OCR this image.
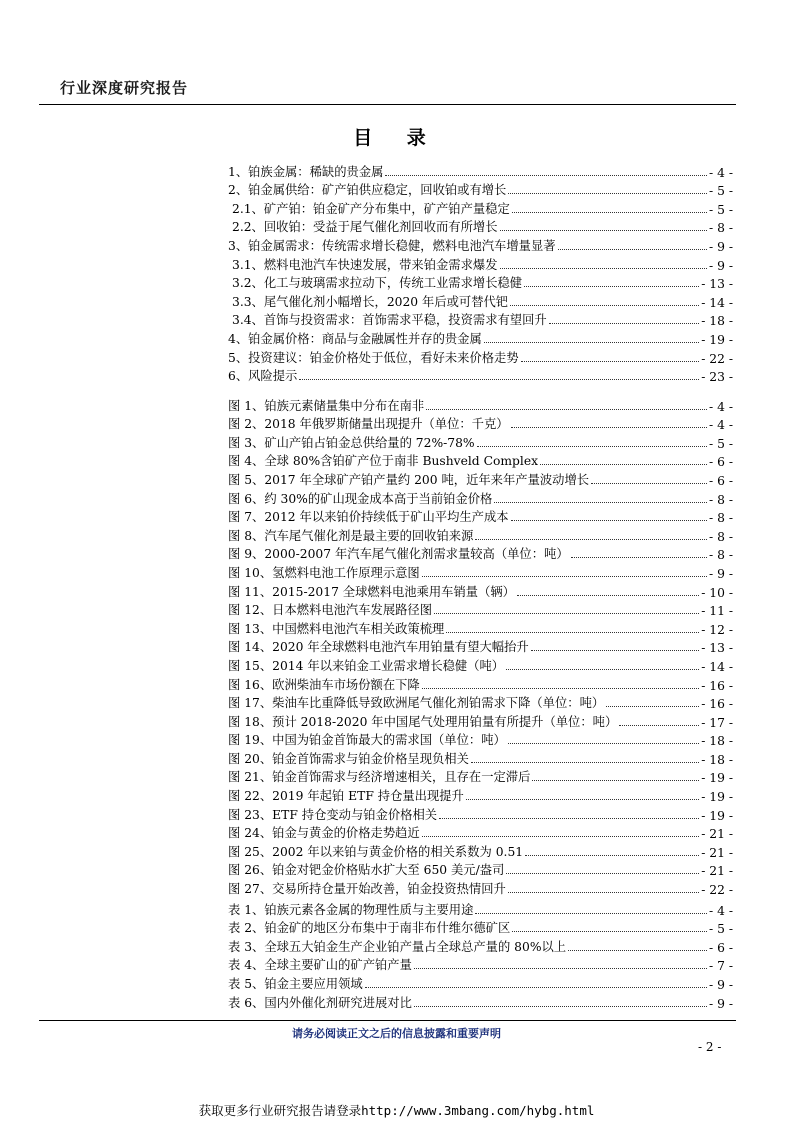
行业深度研究报告
目 录
1、铂族金属：稀缺的贵金属	- 4 -
2、铂金属供给：矿产铂供应稳定，回收铂或有增长	- 5 -
2.1、矿产铂：铂金矿产分布集中，矿产铂产量稳定	- 5 -
2.2、回收铂：受益于尾气催化剂回收而有所增长	- 8 -
3、铂金属需求：传统需求增长稳健，燃料电池汽车增量显著	- 9 -
3.1、燃料电池汽车快速发展，带来铂金需求爆发	- 9 -
3.2、化工与玻璃需求拉动下，传统工业需求增长稳健	- 13 -
3.3、尾气催化剂小幅增长，2020 年后或可替代钯	- 14 -
3.4、首饰与投资需求：首饰需求平稳，投资需求有望回升	- 18 -
4、铂金属价格：商品与金融属性并存的贵金属	- 19 -
5、投资建议：铂金价格处于低位，看好未来价格走势	- 22 -
6、风险提示	- 23 -
图 1、铂族元素储量集中分布在南非	- 4 -
图 2、2018 年俄罗斯储量出现提升（单位：千克）	- 4 -
图 3、矿山产铂占铂金总供给量的 72%-78%	- 5 -
图 4、全球 80%含铂矿产位于南非 Bushveld Complex	- 6 -
图 5、2017 年全球矿产铂产量约 200 吨，近年来年产量波动增长	- 6 -
图 6、约 30%的矿山现金成本高于当前铂金价格	- 8 -
图 7、2012 年以来铂价持续低于矿山平均生产成本	- 8 -
图 8、汽车尾气催化剂是最主要的回收铂来源	- 8 -
图 9、2000-2007 年汽车尾气催化剂需求量较高（单位：吨）	- 8 -
图 10、氢燃料电池工作原理示意图	- 9 -
图 11、2015-2017 全球燃料电池乘用车销量（辆）	- 10 -
图 12、日本燃料电池汽车发展路径图	- 11 -
图 13、中国燃料电池汽车相关政策梳理	- 12 -
图 14、2020 年全球燃料电池汽车用铂量有望大幅抬升	- 13 -
图 15、2014 年以来铂金工业需求增长稳健（吨）	- 14 -
图 16、欧洲柴油车市场份额在下降	- 16 -
图 17、柴油车比重降低导致欧洲尾气催化剂铂需求下降（单位：吨）	- 16 -
图 18、预计 2018-2020 年中国尾气处理用铂量有所提升（单位：吨）	- 17 -
图 19、中国为铂金首饰最大的需求国（单位：吨）	- 18 -
图 20、铂金首饰需求与铂金价格呈现负相关	- 18 -
图 21、铂金首饰需求与经济增速相关，且存在一定滞后	- 19 -
图 22、2019 年起铂 ETF 持仓量出现提升	- 19 -
图 23、ETF 持仓变动与铂金价格相关	- 19 -
图 24、铂金与黄金的价格走势趋近	- 21 -
图 25、2002 年以来铂与黄金价格的相关系数为 0.51	- 21 -
图 26、铂金对钯金价格贴水扩大至 650 美元/盎司	- 21 -
图 27、交易所持仓量开始改善，铂金投资热情回升	- 22 -
表 1、铂族元素各金属的物理性质与主要用途	- 4 -
表 2、铂金矿的地区分布集中于南非布什维尔德矿区	- 5 -
表 3、全球五大铂金生产企业铂产量占全球总产量的 80%以上	- 6 -
表 4、全球主要矿山的矿产铂产量	- 7 -
表 5、铂金主要应用领域	- 9 -
表 6、国内外催化剂研究进展对比	- 9 -
请务必阅读正文之后的信息披露和重要声明
- 2 -
获取更多行业研究报告请登录http://www.3mbang.com/hybg.html
